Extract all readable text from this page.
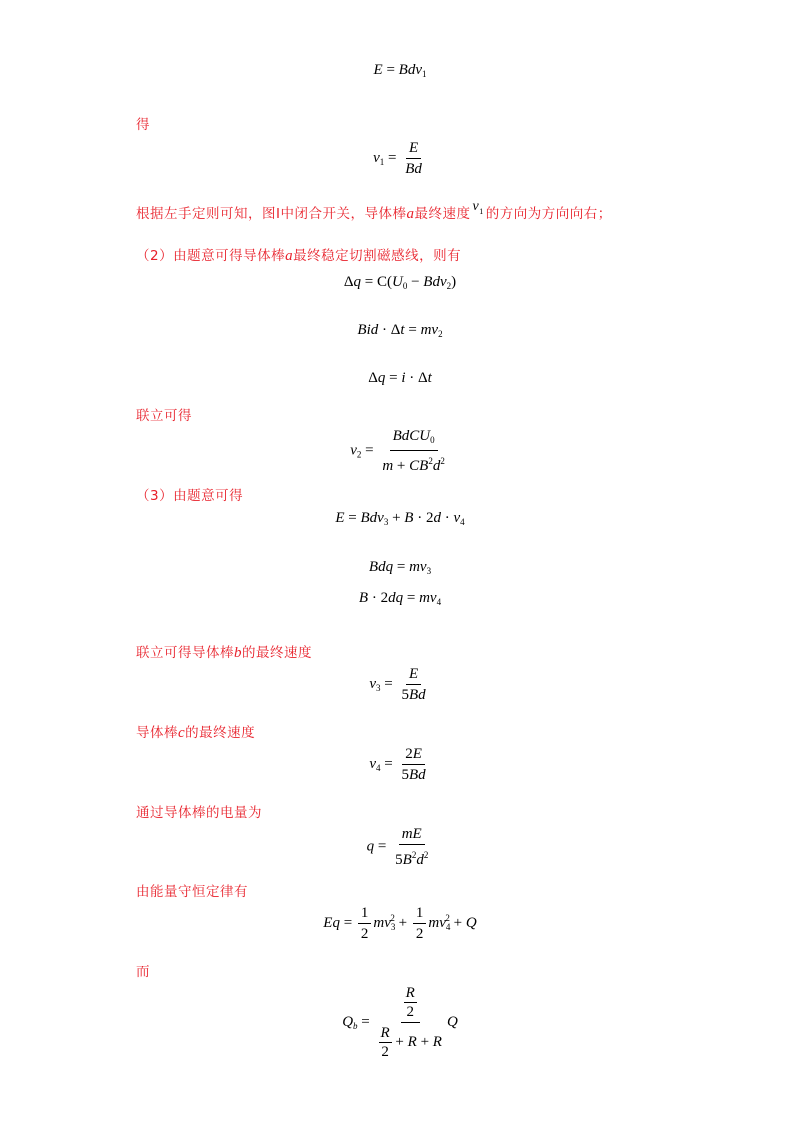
E = Bdv$_1$
得
$v_1 = \frac{E}{Bd}$
根据左手定则可知，图Ⅰ中闭合开关，导体棒a最终速度 $v_1$ 的方向为方向向右；
（2）由题意可得导体棒a最终稳定切割磁感线，则有
$\Delta q = C(U_0 - Bdv_2)$
Bid · $\Delta t = mv_2$
Δq = i · Δt
联立可得
$v_2 = \frac{BdCU_0}{m + CB^2d^2}$
（3）由题意可得
$E = Bdv_3 + B \cdot 2d \cdot v_4$
Bdq = $mv_3$
$B \cdot 2dq = mv_4$
联立可得导体棒b的最终速度
$v_3 = \frac{E}{5Bd}$
导体棒c的最终速度
$v_4 = \frac{2E}{5Bd}$
通过导体棒的电量为
$q = \frac{mE}{5B^2d^2}$
由能量守恒定律有
$Eq = \frac{1}{2} mv_3^2 + \frac{1}{2} mv_4^2 + Q$
而
$Q_b = \frac{\frac{R}{2}}{\frac{R}{2} + R + R}$ Q
